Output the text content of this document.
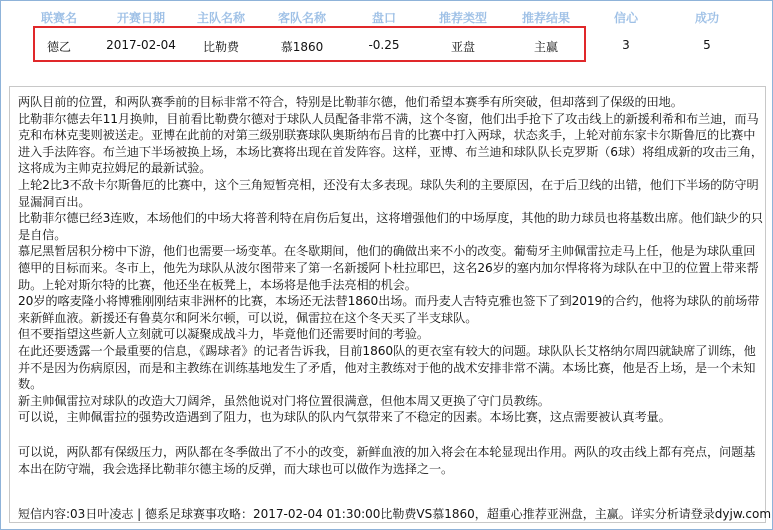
联赛名	开赛日期	主队名称	客队名称	盘口	推荐类型	推荐结果	信心	成功
德乙	2017-02-04 比勒费	慕1860	-0.25	亚盘	主赢	3	5
两队目前的位置，和两队赛季前的目标非常不符合，特别是比勒菲尔德，他们希望本赛季有所突破，但却落到了保级的田地。
比勒菲尔德去年11月换帅，目前看比勒费尔德对于球队人员配备非常不满，这个冬窗，他们出手抢下了攻击线上的新援利希和布兰迪，而马克和布林克斐则被送走。亚博在此前的对第三级别联赛球队奥斯纳布吕肯的比赛中打入两球，状态炙手，上轮对前东家卡尔斯鲁厄的比赛中进入手法阵容。布兰迪下半场被换上场，本场比赛将出现在首发阵容。这样，亚博、布兰迪和球队队长克罗斯（6球）将组成新的攻击三角，这将成为主帅克拉姆尼的最新试验。
上轮2比3不敌卡尔斯鲁厄的比赛中，这个三角短暂亮相，还没有太多表现。球队失利的主要原因，在于后卫线的出错，他们下半场的防守明显漏洞百出。
比勒菲尔德已经3连败，本场他们的中场大将普利特在肩伤后复出，这将增强他们的中场厚度，其他的助力球员也将基数出席。他们缺少的只是自信。
慕尼黑暂居积分榜中下游，他们也需要一场变革。在冬歇期间，他们的确做出来不小的改变。葡萄牙主帅佩雷拉走马上任，他是为球队重回德甲的目标而来。冬市上，他先为球队从波尔图带来了第一名新援阿卜杜拉耶巴，这名26岁的塞内加尔悍将将为球队在中卫的位置上带来帮助。上轮对斯尔特的比赛，他还坐在板凳上，本场将是他手法亮相的机会。
20岁的喀麦隆小将博雅刚刚结束非洲杯的比赛，本场还无法替1860出场。而丹麦人吉特克雅也签下了到2019的合约，他将为球队的前场带来新鲜血液。新援还有鲁莫尔和阿米尔顿，可以说，佩雷拉在这个冬天买了半支球队。
但不要指望这些新人立刻就可以凝聚成战斗力，毕竟他们还需要时间的考验。
在此还要透露一个最重要的信息，《踢球者》的记者告诉我，目前1860队的更衣室有较大的问题。球队队长艾格纳尔周四就缺席了训练，他并不是因为伤病原因，而是和主教练在训练基地发生了矛盾，他对主教练对于他的战术安排非常不满。本场比赛，他是否上场，是一个未知数。
新主帅佩雷拉对球队的改造大刀阔斧，虽然他说对门将位置很满意，但他本周又更换了守门员教练。
可以说，主帅佩雷拉的强势改造遇到了阻力，也为球队的队内气氛带来了不稳定的因素。本场比赛，这点需要被认真考量。
可以说，两队都有保级压力，两队都在冬季做出了不小的改变，新鲜血液的加入将会在本轮显现出作用。两队的攻击线上都有亮点，问题基本出在防守端，我会选择比勒菲尔德主场的反弹，而大球也可以做作为选择之一。
短信内容:03日叶凌志 | 德系足球赛事攻略：2017-02-04 01:30:00比勒费VS慕1860，超重心推荐亚洲盘，主赢。详实分析请登录dyjw.com
